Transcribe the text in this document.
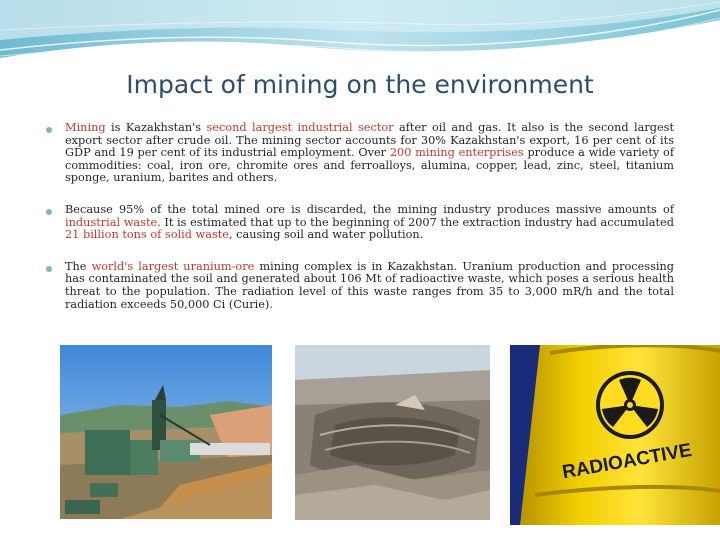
Impact of mining on the environment
Mining is Kazakhstan's second largest industrial sector after oil and gas. It also is the second largest export sector after crude oil. The mining sector accounts for 30% Kazakhstan's export, 16 per cent of its GDP and 19 per cent of its industrial employment. Over 200 mining enterprises produce a wide variety of commodities: coal, iron ore, chromite ores and ferroalloys, alumina, copper, lead, zinc, steel, titanium sponge, uranium, barites and others.
Because 95% of the total mined ore is discarded, the mining industry produces massive amounts of industrial waste. It is estimated that up to the beginning of 2007 the extraction industry had accumulated 21 billion tons of solid waste, causing soil and water pollution.
The world's largest uranium-ore mining complex is in Kazakhstan. Uranium production and processing has contaminated the soil and generated about 106 Mt of radioactive waste, which poses a serious health threat to the population. The radiation level of this waste ranges from 35 to 3,000 mR/h and the total radiation exceeds 50,000 Ci (Curie).
RADIOACTIVE
